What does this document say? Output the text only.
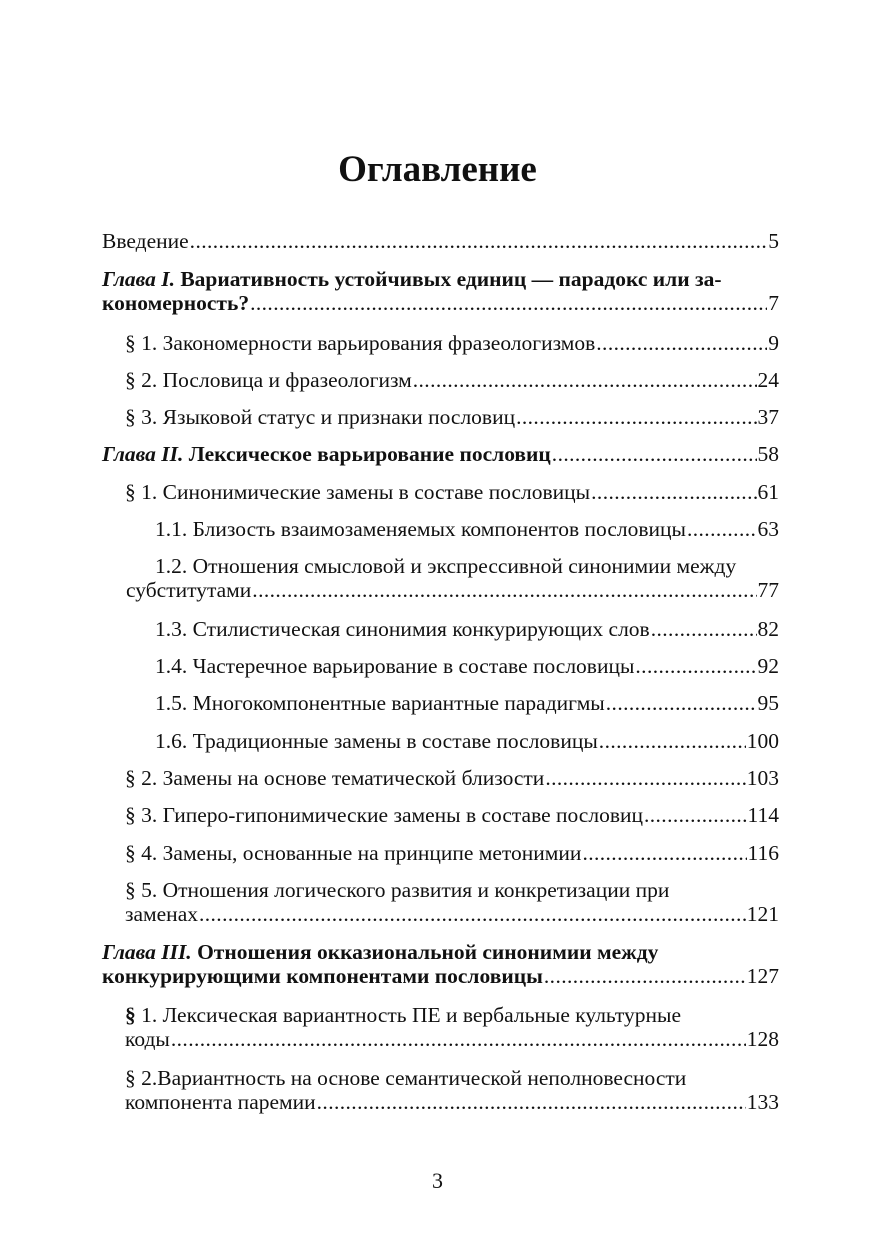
Оглавление
Введение .....	5
Глава I. Вариативность устойчивых единиц — парадокс или за-
кономерность? .....	7
§ 1. Закономерности варьирования фразеологизмов .....	9
§ 2. Пословица и фразеологизм .....	24
§ 3. Языковой статус и признаки пословиц .....	37
Глава II. Лексическое варьирование пословиц .....	58
§ 1. Синонимические замены в составе пословицы .....	61
1.1. Близость взаимозаменяемых компонентов пословицы .....	63
1.2. Отношения смысловой и экспрессивной синонимии между
субститутами .....	77
1.3. Стилистическая синонимия конкурирующих слов .....	82
1.4. Частеречное варьирование в составе пословицы .....	92
1.5. Многокомпонентные вариантные парадигмы .....	95
1.6. Традиционные замены в составе пословицы .....	100
§ 2. Замены на основе тематической близости .....	103
§ 3. Гиперо-гипонимические замены в составе пословиц .....	114
§ 4. Замены, основанные на принципе метонимии .....	116
§ 5. Отношения логического развития и конкретизации при
заменах .....	121
Глава III. Отношения окказиональной синонимии между
конкурирующими компонентами пословицы .....	127
§ 1. Лексическая вариантность ПЕ и вербальные культурные
коды .....	128
§ 2.Вариантность на основе семантической неполновесности
компонента паремии .....	133
3
